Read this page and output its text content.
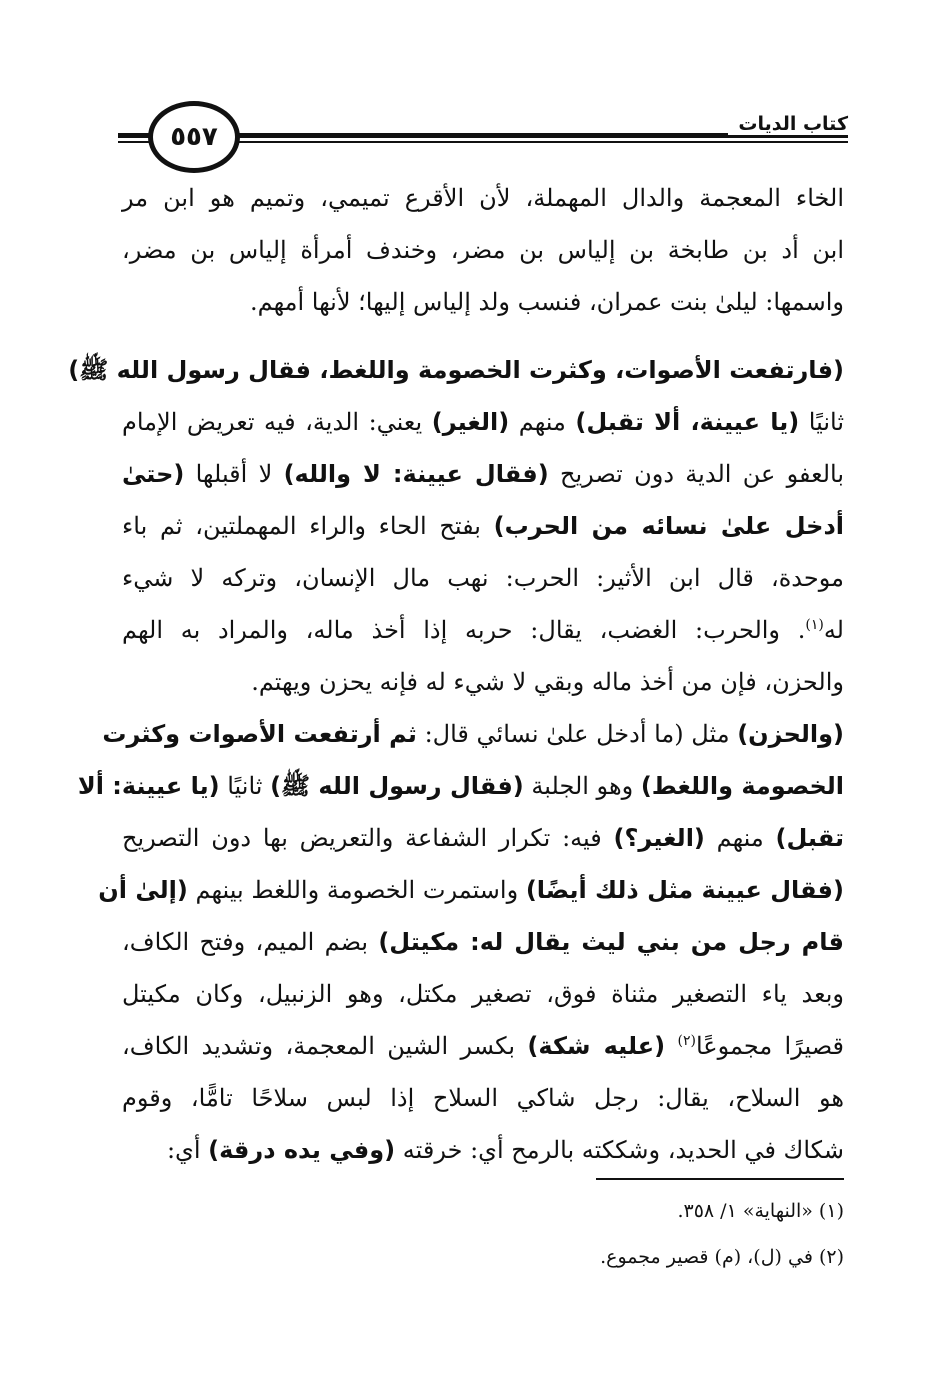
كتاب الديات
٥٥٧
الخاء المعجمة والدال المهملة، لأن الأقرع تميمي، وتميم هو ابن مر
ابن أد بن طابخة بن إلياس بن مضر، وخندف أمرأة إلياس بن مضر،
واسمها: ليلىٰ بنت عمران، فنسب ولد إلياس إليها؛ لأنها أمهم.
(فارتفعت الأصوات، وكثرت الخصومة واللغط، فقال رسول الله ﷺ)
ثانيًا (يا عيينة، ألا تقبل) منهم (الغير) يعني: الدية، فيه تعريض الإمام
بالعفو عن الدية دون تصريح (فقال عيينة: لا والله) لا أقبلها (حتىٰ
أدخل علىٰ نسائه من الحرب) بفتح الحاء والراء المهملتين، ثم باء
موحدة، قال ابن الأثير: الحرب: نهب مال الإنسان، وتركه لا شيء
له$^{(١)}$. والحرب: الغضب، يقال: حربه إذا أخذ ماله، والمراد به الهم
والحزن، فإن من أخذ ماله وبقي لا شيء له فإنه يحزن ويهتم.
(والحزن) مثل (ما أدخل علىٰ نسائي قال: ثم أرتفعت الأصوات وكثرت
الخصومة واللغط) وهو الجلبة (فقال رسول الله ﷺ) ثانيًا (يا عيينة: ألا
تقبل) منهم (الغير؟) فيه: تكرار الشفاعة والتعريض بها دون التصريح
(فقال عيينة مثل ذلك أيضًا) واستمرت الخصومة واللغط بينهم (إلىٰ أن
قام رجل من بني ليث يقال له: مكيتل) بضم الميم، وفتح الكاف،
وبعد ياء التصغير مثناة فوق، تصغير مكتل، وهو الزنبيل، وكان مكيتل
قصيرًا مجموعًا$^{(٢)}$ (عليه شكة) بكسر الشين المعجمة، وتشديد الكاف،
هو السلاح، يقال: رجل شاكي السلاح إذا لبس سلاحًا تامًّا، وقوم
شكاك في الحديد، وشككته بالرمح أي: خرقته (وفي يده درقة) أي:
(١) «النهاية» ١/ ٣٥٨.
(٢) في (ل)، (م) قصير مجموع.
